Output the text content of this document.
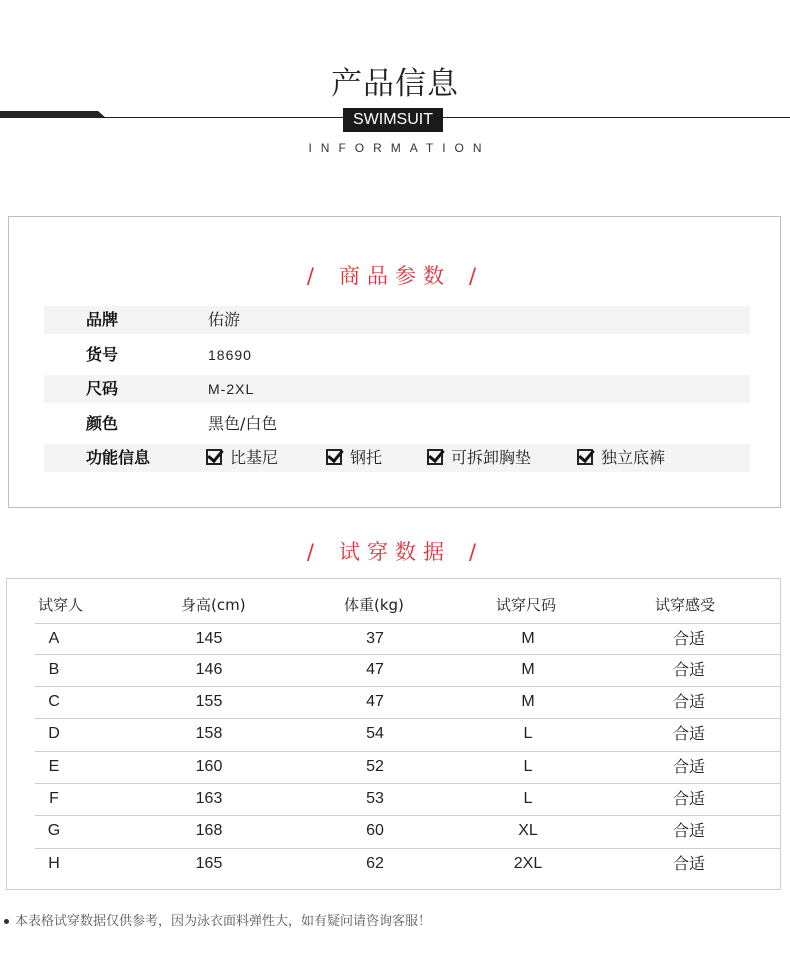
产品信息
SWIMSUIT
INFORMATION
/ 商品参数 /
品牌	佑游
货号	18690
尺码	M-2XL
颜色	黑色/白色
功能信息	比基尼	钢托	可拆卸胸垫	独立底裤
/ 试穿数据 /
试穿人	身高(cm)	体重(kg)	试穿尺码	试穿感受
A	145	37	M	合适
B	146	47	M	合适
C	155	47	M	合适
D	158	54	L	合适
E	160	52	L	合适
F	163	53	L	合适
G	168	60	XL	合适
H	165	62	2XL	合适
本表格试穿数据仅供参考，因为泳衣面料弹性大，如有疑问请咨询客服！
